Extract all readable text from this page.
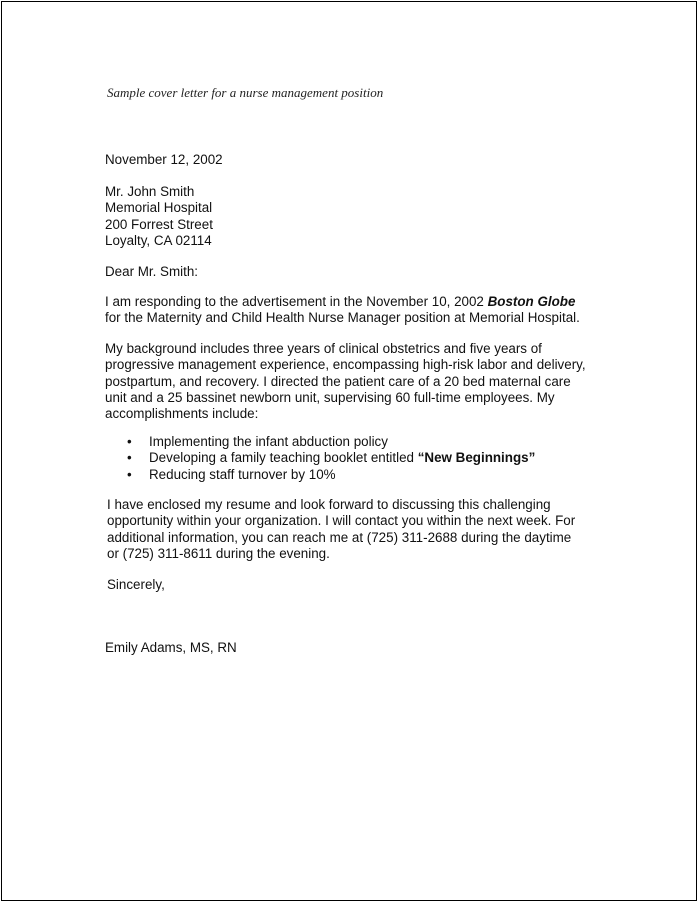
Sample cover letter for a nurse management position
November 12, 2002
Mr. John Smith
Memorial Hospital
200 Forrest Street
Loyalty, CA 02114
Dear Mr. Smith:
I am responding to the advertisement in the November 10, 2002 Boston Globe
for the Maternity and Child Health Nurse Manager position at Memorial Hospital.
My background includes three years of clinical obstetrics and five years of
progressive management experience, encompassing high-risk labor and delivery,
postpartum, and recovery. I directed the patient care of a 20 bed maternal care
unit and a 25 bassinet newborn unit, supervising 60 full-time employees. My
accomplishments include:
• Implementing the infant abduction policy
• Developing a family teaching booklet entitled “New Beginnings”
• Reducing staff turnover by 10%
I have enclosed my resume and look forward to discussing this challenging
opportunity within your organization. I will contact you within the next week. For
additional information, you can reach me at (725) 311-2688 during the daytime
or (725) 311-8611 during the evening.
Sincerely,
Emily Adams, MS, RN
